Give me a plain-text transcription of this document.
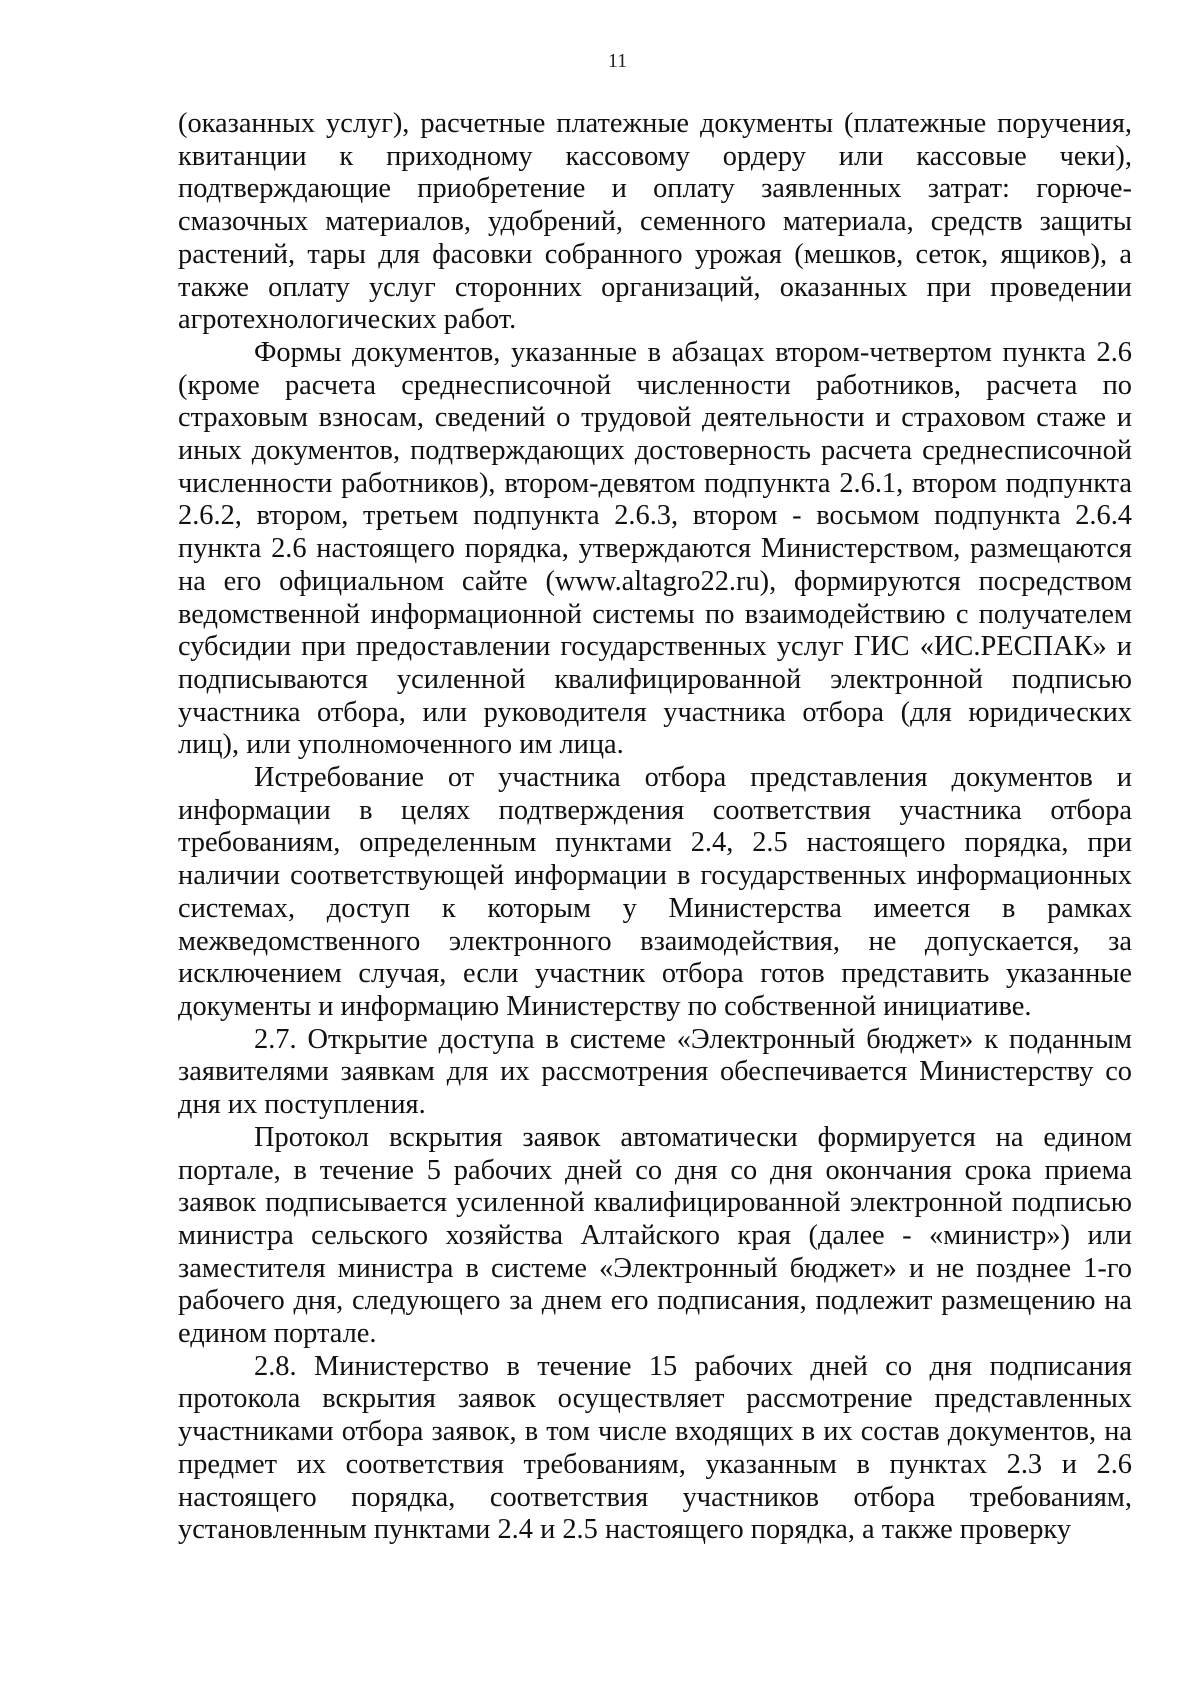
11

(оказанных услуг), расчетные платежные документы (платежные поручения, квитанции к приходному кассовому ордеру или кассовые чеки), подтверждающие приобретение и оплату заявленных затрат: горюче-смазочных материалов, удобрений, семенного материала, средств защиты растений, тары для фасовки собранного урожая (мешков, сеток, ящиков), а также оплату услуг сторонних организаций, оказанных при проведении агротехнологических работ.

Формы документов, указанные в абзацах втором-четвертом пункта 2.6 (кроме расчета среднесписочной численности работников, расчета по страховым взносам, сведений о трудовой деятельности и страховом стаже и иных документов, подтверждающих достоверность расчета среднесписочной численности работников), втором-девятом подпункта 2.6.1, втором подпункта 2.6.2, втором, третьем подпункта 2.6.3, втором - восьмом подпункта 2.6.4 пункта 2.6 настоящего порядка, утверждаются Министерством, размещаются на его официальном сайте (www.altagro22.ru), формируются посредством ведомственной информационной системы по взаимодействию с получателем субсидии при предоставлении государственных услуг ГИС «ИС.РЕСПАК» и подписываются усиленной квалифицированной электронной подписью участника отбора, или руководителя участника отбора (для юридических лиц), или уполномоченного им лица.

Истребование от участника отбора представления документов и информации в целях подтверждения соответствия участника отбора требованиям, определенным пунктами 2.4, 2.5 настоящего порядка, при наличии соответствующей информации в государственных информационных системах, доступ к которым у Министерства имеется в рамках межведомственного электронного взаимодействия, не допускается, за исключением случая, если участник отбора готов представить указанные документы и информацию Министерству по собственной инициативе.

2.7. Открытие доступа в системе «Электронный бюджет» к поданным заявителями заявкам для их рассмотрения обеспечивается Министерству со дня их поступления.

Протокол вскрытия заявок автоматически формируется на едином портале, в течение 5 рабочих дней со дня со дня окончания срока приема заявок подписывается усиленной квалифицированной электронной подписью министра сельского хозяйства Алтайского края (далее - «министр») или заместителя министра в системе «Электронный бюджет» и не позднее 1-го рабочего дня, следующего за днем его подписания, подлежит размещению на едином портале.

2.8. Министерство в течение 15 рабочих дней со дня подписания протокола вскрытия заявок осуществляет рассмотрение представленных участниками отбора заявок, в том числе входящих в их состав документов, на предмет их соответствия требованиям, указанным в пунктах 2.3 и 2.6 настоящего порядка, соответствия участников отбора требованиям, установленным пунктами 2.4 и 2.5 настоящего порядка, а также проверку
